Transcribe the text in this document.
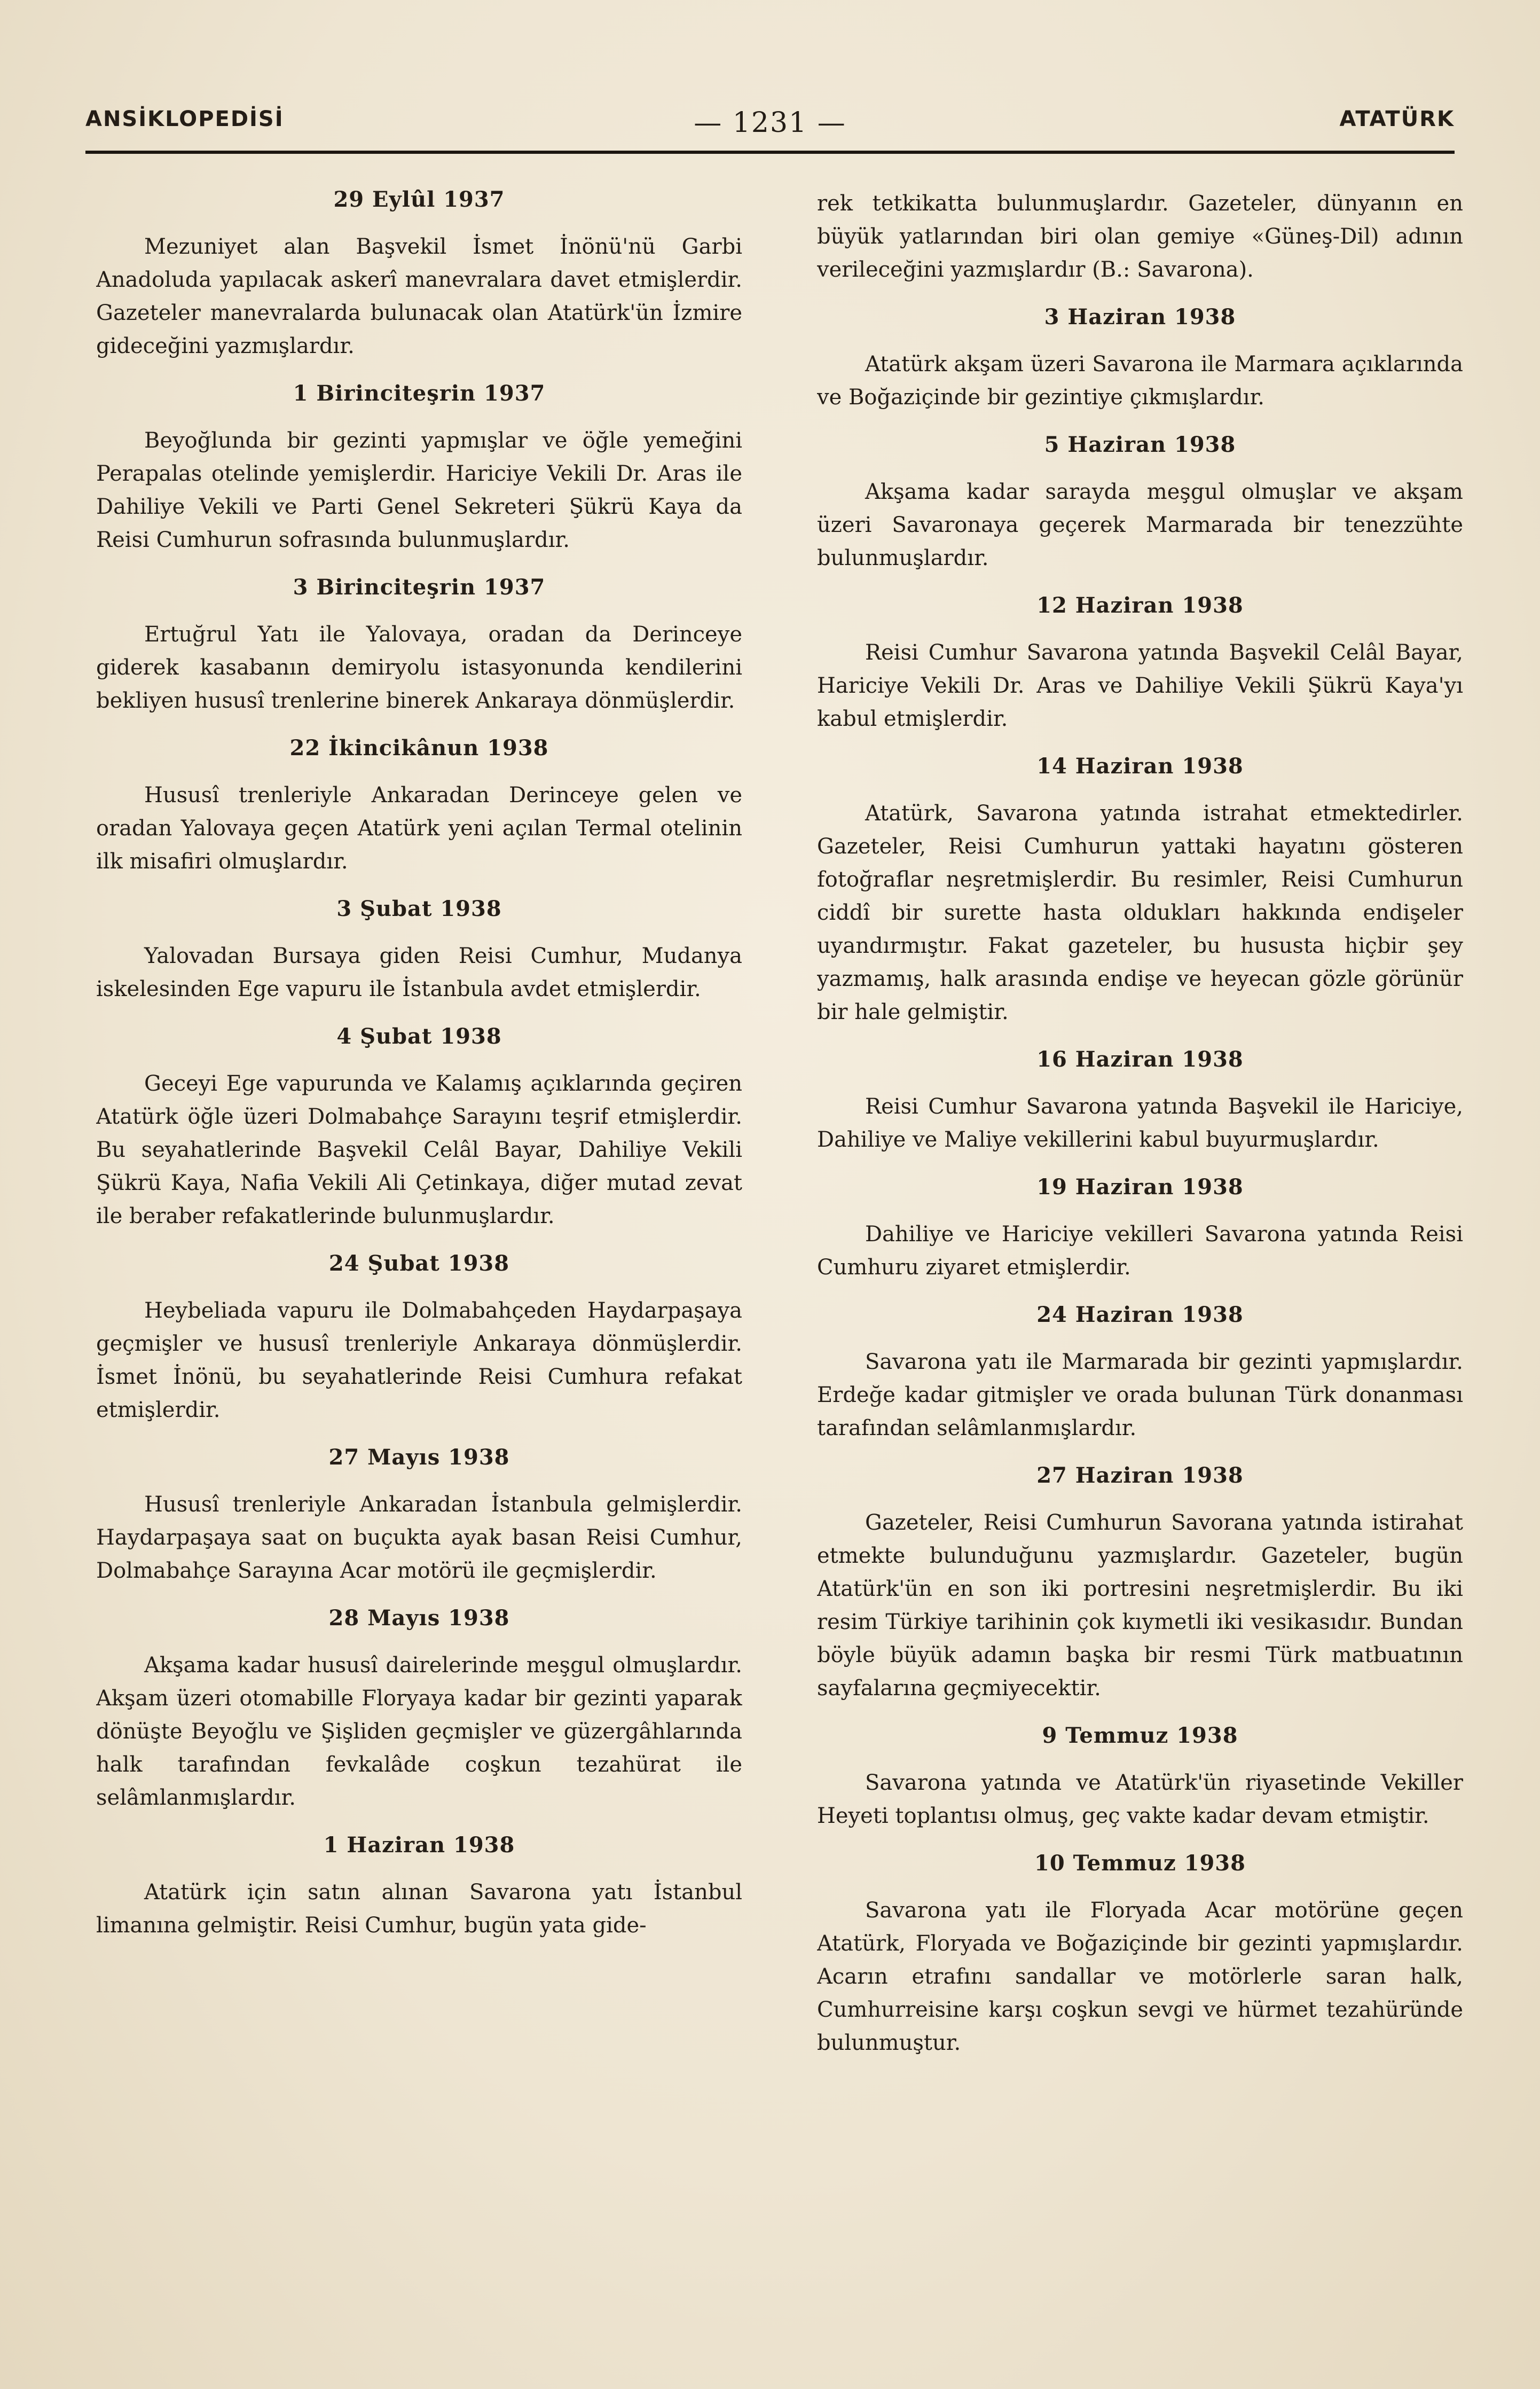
ANSİKLOPEDİSİ	— 1231 —	ATATÜRK
29 Eylûl 1937

Mezuniyet alan Başvekil İsmet İnönü'nü Garbi Anadoluda yapılacak askerî manevralara davet etmişlerdir. Gazeteler manevralarda bulunacak olan Atatürk'ün İzmire gideceğini yazmışlardır.

1 Birinciteşrin 1937

Beyoğlunda bir gezinti yapmışlar ve öğle yemeğini Perapalas otelinde yemişlerdir. Hariciye Vekili Dr. Aras ile Dahiliye Vekili ve Parti Genel Sekreteri Şükrü Kaya da Reisi Cumhurun sofrasında bulunmuşlardır.

3 Birinciteşrin 1937

Ertuğrul Yatı ile Yalovaya, oradan da Derinceye giderek kasabanın demiryolu istasyonunda kendilerini bekliyen hususî trenlerine binerek Ankaraya dönmüşlerdir.

22 İkincikânun 1938

Hususî trenleriyle Ankaradan Derinceye gelen ve oradan Yalovaya geçen Atatürk yeni açılan Termal otelinin ilk misafiri olmuşlardır.

3 Şubat 1938

Yalovadan Bursaya giden Reisi Cumhur, Mudanya iskelesinden Ege vapuru ile İstanbula avdet etmişlerdir.

4 Şubat 1938

Geceyi Ege vapurunda ve Kalamış açıklarında geçiren Atatürk öğle üzeri Dolmabahçe Sarayını teşrif etmişlerdir. Bu seyahatlerinde Başvekil Celâl Bayar, Dahiliye Vekili Şükrü Kaya, Nafia Vekili Ali Çetinkaya, diğer mutad zevat ile beraber refakatlerinde bulunmuşlardır.

24 Şubat 1938

Heybeliada vapuru ile Dolmabahçeden Haydarpaşaya geçmişler ve hususî trenleriyle Ankaraya dönmüşlerdir. İsmet İnönü, bu seyahatlerinde Reisi Cumhura refakat etmişlerdir.

27 Mayıs 1938

Hususî trenleriyle Ankaradan İstanbula gelmişlerdir. Haydarpaşaya saat on buçukta ayak basan Reisi Cumhur, Dolmabahçe Sarayına Acar motörü ile geçmişlerdir.

28 Mayıs 1938

Akşama kadar hususî dairelerinde meşgul olmuşlardır. Akşam üzeri otomabille Floryaya kadar bir gezinti yaparak dönüşte Beyoğlu ve Şişliden geçmişler ve güzergâhlarında halk tarafından fevkalâde coşkun tezahürat ile selâmlanmışlardır.

1 Haziran 1938

Atatürk için satın alınan Savarona yatı İstanbul limanına gelmiştir. Reisi Cumhur, bugün yata gide-

rek tetkikatta bulunmuşlardır. Gazeteler, dünyanın en büyük yatlarından biri olan gemiye «Güneş-Dil) adının verileceğini yazmışlardır (B.: Savarona).

3 Haziran 1938

Atatürk akşam üzeri Savarona ile Marmara açıklarında ve Boğaziçinde bir gezintiye çıkmışlardır.

5 Haziran 1938

Akşama kadar sarayda meşgul olmuşlar ve akşam üzeri Savaronaya geçerek Marmarada bir tenezzühte bulunmuşlardır.

12 Haziran 1938

Reisi Cumhur Savarona yatında Başvekil Celâl Bayar, Hariciye Vekili Dr. Aras ve Dahiliye Vekili Şükrü Kaya'yı kabul etmişlerdir.

14 Haziran 1938

Atatürk, Savarona yatında istrahat etmektedirler. Gazeteler, Reisi Cumhurun yattaki hayatını gösteren fotoğraflar neşretmişlerdir. Bu resimler, Reisi Cumhurun ciddî bir surette hasta oldukları hakkında endişeler uyandırmıştır. Fakat gazeteler, bu hususta hiçbir şey yazmamış, halk arasında endişe ve heyecan gözle görünür bir hale gelmiştir.

16 Haziran 1938

Reisi Cumhur Savarona yatında Başvekil ile Hariciye, Dahiliye ve Maliye vekillerini kabul buyurmuşlardır.

19 Haziran 1938

Dahiliye ve Hariciye vekilleri Savarona yatında Reisi Cumhuru ziyaret etmişlerdir.

24 Haziran 1938

Savarona yatı ile Marmarada bir gezinti yapmışlardır. Erdeğe kadar gitmişler ve orada bulunan Türk donanması tarafından selâmlanmışlardır.

27 Haziran 1938

Gazeteler, Reisi Cumhurun Savorana yatında istirahat etmekte bulunduğunu yazmışlardır. Gazeteler, bugün Atatürk'ün en son iki portresini neşretmişlerdir. Bu iki resim Türkiye tarihinin çok kıymetli iki vesikasıdır. Bundan böyle büyük adamın başka bir resmi Türk matbuatının sayfalarına geçmiyecektir.

9 Temmuz 1938

Savarona yatında ve Atatürk'ün riyasetinde Vekiller Heyeti toplantısı olmuş, geç vakte kadar devam etmiştir.

10 Temmuz 1938

Savarona yatı ile Floryada Acar motörüne geçen Atatürk, Floryada ve Boğaziçinde bir gezinti yapmışlardır. Acarın etrafını sandallar ve motörlerle saran halk, Cumhurreisine karşı coşkun sevgi ve hürmet tezahüründe bulunmuştur.
